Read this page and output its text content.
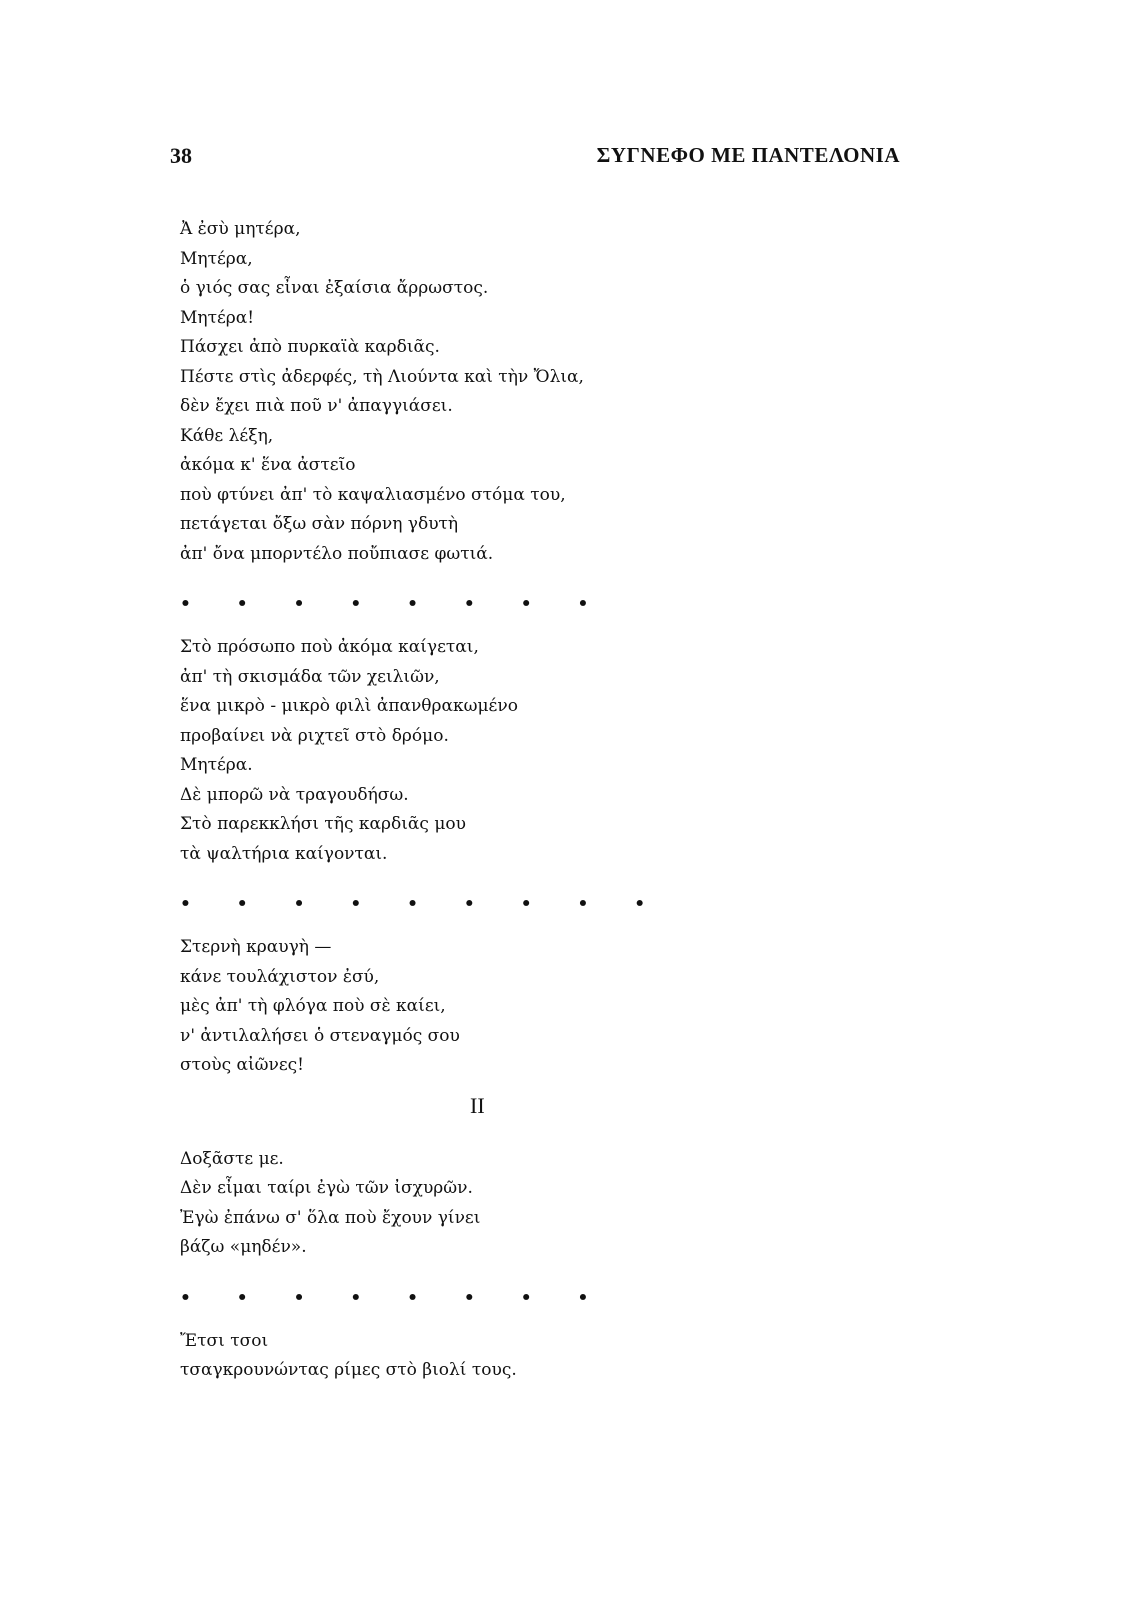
38	ΣΥΓΝΕΦΟ ΜΕ ΠΑΝΤΕΛΟΝΙΑ
Ἀ ἐσὺ μητέρα,
Μητέρα,
ὁ γιός σας εἶναι ἐξαίσια ἄρρωστος.
Μητέρα!
Πάσχει ἀπὸ πυρκαϊὰ καρδιᾶς.
Πέστε στὶς ἀδερφές, τὴ Λιούντα καὶ τὴν Ὄλια,
δὲν ἔχει πιὰ ποῦ ν' ἀπαγγιάσει.
Κάθε λέξη,
ἀκόμα κ' ἕνα ἀστεῖο
ποὺ φτύνει ἀπ' τὸ καψαλιασμένο στόμα του,
πετάγεται ὄξω σὰν πόρνη γδυτὴ
ἀπ' ὄνα μπορντέλο ποὔπιασε φωτιά.
• • • • • • • •
Στὸ πρόσωπο ποὺ ἀκόμα καίγεται,
ἀπ' τὴ σκισμάδα τῶν χειλιῶν,
ἕνα μικρὸ - μικρὸ φιλὶ ἀπανθρακωμένο
προβαίνει νὰ ριχτεῖ στὸ δρόμο.
Μητέρα.
Δὲ μπορῶ νὰ τραγουδήσω.
Στὸ παρεκκλήσι τῆς καρδιᾶς μου
τὰ ψαλτήρια καίγονται.
• • • • • • • • •
Στερνὴ κραυγὴ —
κάνε τουλάχιστον ἐσύ,
μὲς ἀπ' τὴ φλόγα ποὺ σὲ καίει,
ν' ἀντιλαλήσει ὁ στεναγμός σου
στοὺς αἰῶνες!
II
Δοξᾶστε με.
Δὲν εἶμαι ταίρι ἐγὼ τῶν ἰσχυρῶν.
Ἐγὼ ἐπάνω σ' ὅλα ποὺ ἔχουν γίνει
βάζω «μηδέν».
• • • • • • • •
Ἔτσι τσοι
τσαγκρουνώντας ρίμες στὸ βιολί τους.
